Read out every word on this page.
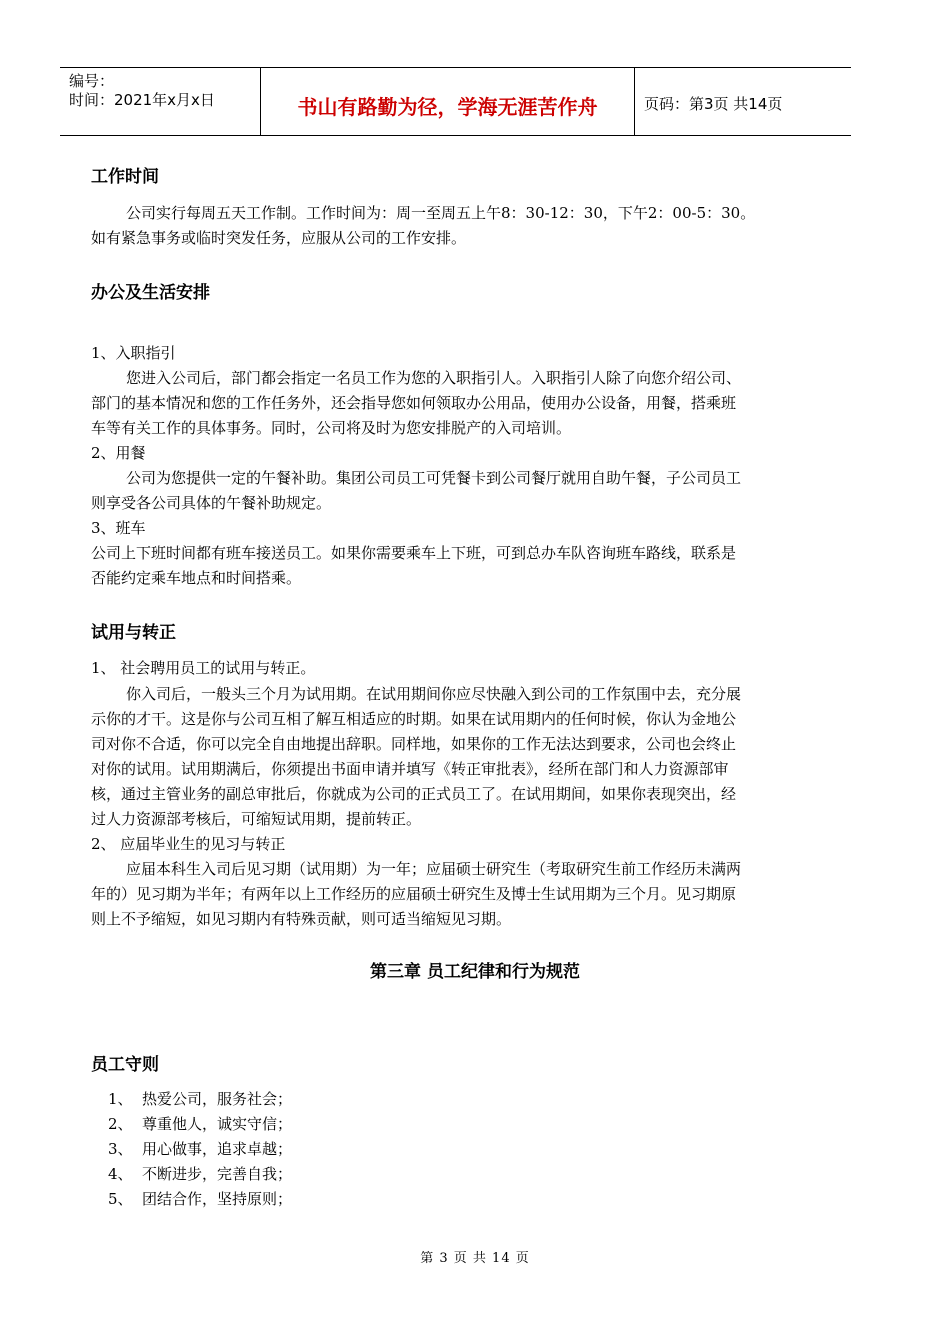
编号：
时间：2021年x月x日	书山有路勤为径，学海无涯苦作舟	页码：第3页 共14页
工作时间

公司实行每周五天工作制。工作时间为：周一至周五上午8：30-12：30，下午2：00-5：30。

如有紧急事务或临时突发任务，应服从公司的工作安排。

办公及生活安排

1、入职指引

您进入公司后，部门都会指定一名员工作为您的入职指引人。入职指引人除了向您介绍公司、

部门的基本情况和您的工作任务外，还会指导您如何领取办公用品，使用办公设备，用餐，搭乘班

车等有关工作的具体事务。同时，公司将及时为您安排脱产的入司培训。

2、用餐

公司为您提供一定的午餐补助。集团公司员工可凭餐卡到公司餐厅就用自助午餐，子公司员工

则享受各公司具体的午餐补助规定。

3、班车

公司上下班时间都有班车接送员工。如果你需要乘车上下班，可到总办车队咨询班车路线，联系是

否能约定乘车地点和时间搭乘。

试用与转正

1、 社会聘用员工的试用与转正。

你入司后，一般头三个月为试用期。在试用期间你应尽快融入到公司的工作氛围中去，充分展

示你的才干。这是你与公司互相了解互相适应的时期。如果在试用期内的任何时候，你认为金地公

司对你不合适，你可以完全自由地提出辞职。同样地，如果你的工作无法达到要求，公司也会终止

对你的试用。试用期满后，你须提出书面申请并填写《转正审批表》，经所在部门和人力资源部审

核，通过主管业务的副总审批后，你就成为公司的正式员工了。在试用期间，如果你表现突出，经

过人力资源部考核后，可缩短试用期，提前转正。

2、 应届毕业生的见习与转正

应届本科生入司后见习期（试用期）为一年；应届硕士研究生（考取研究生前工作经历未满两

年的）见习期为半年；有两年以上工作经历的应届硕士研究生及博士生试用期为三个月。见习期原

则上不予缩短，如见习期内有特殊贡献，则可适当缩短见习期。

第三章 员工纪律和行为规范
员工守则

1、 热爱公司，服务社会；

2、 尊重他人，诚实守信；

3、 用心做事，追求卓越；

4、 不断进步，完善自我；

5、 团结合作，坚持原则；

第 3 页 共 14 页
